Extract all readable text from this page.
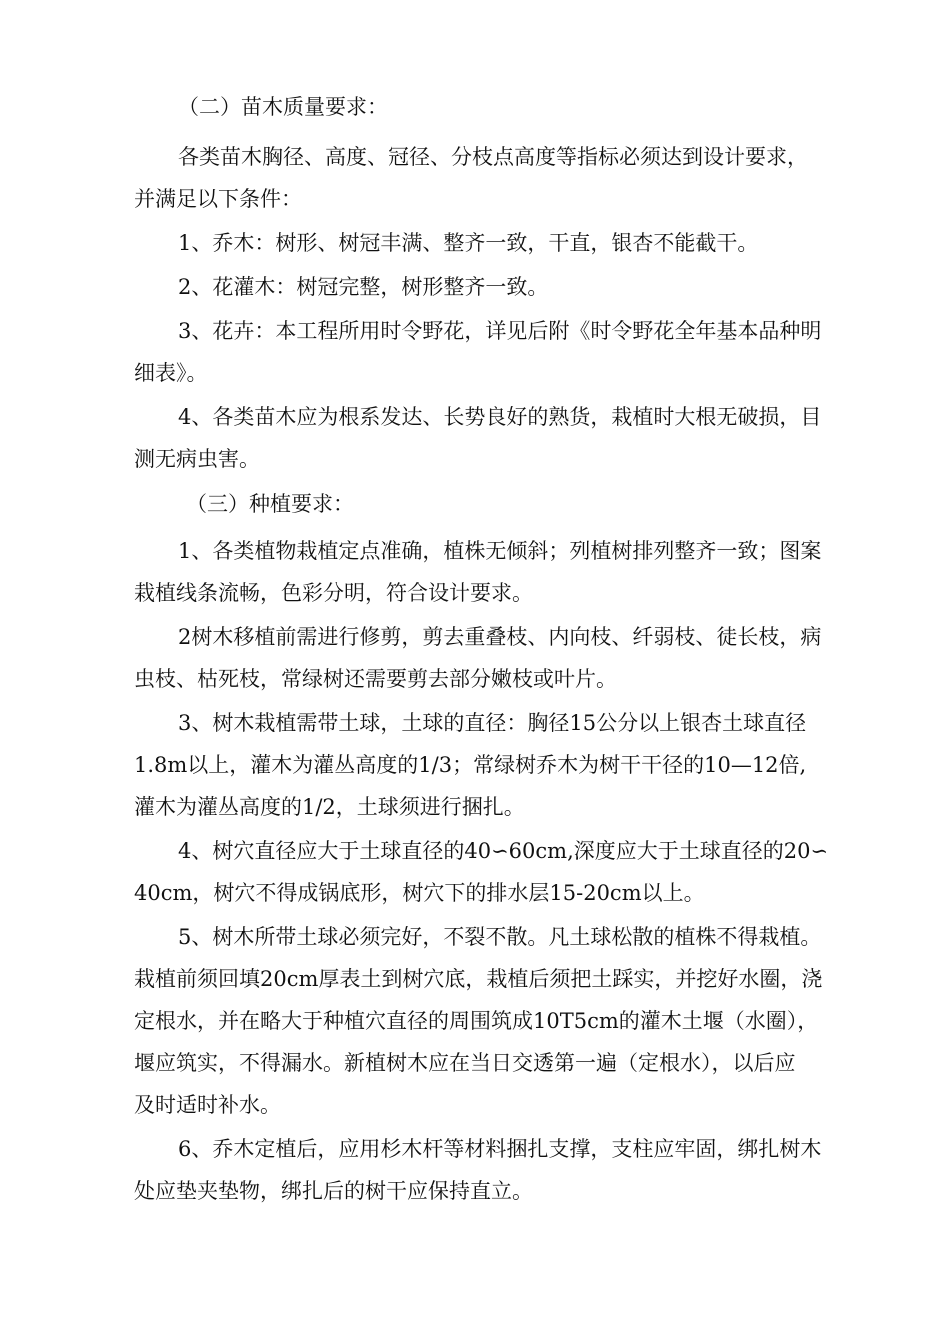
（二）苗木质量要求：

各类苗木胸径、高度、冠径、分枝点高度等指标必须达到设计要求，

并满足以下条件：

1、乔木：树形、树冠丰满、整齐一致，干直，银杏不能截干。

2、花灌木：树冠完整，树形整齐一致。

3、花卉：本工程所用时令野花，详见后附《时令野花全年基本品种明

细表》。

4、各类苗木应为根系发达、长势良好的熟货，栽植时大根无破损，目

测无病虫害。

（三）种植要求：

1、各类植物栽植定点准确，植株无倾斜；列植树排列整齐一致；图案

栽植线条流畅，色彩分明，符合设计要求。

2树木移植前需进行修剪，剪去重叠枝、内向枝、纤弱枝、徒长枝，病

虫枝、枯死枝，常绿树还需要剪去部分嫩枝或叶片。

3、树木栽植需带土球，土球的直径：胸径15公分以上银杏土球直径

1.8m以上，灌木为灌丛高度的1/3；常绿树乔木为树干干径的10—12倍,

灌木为灌丛高度的1/2，土球须进行捆扎。

4、树穴直径应大于土球直径的40∽60cm,深度应大于土球直径的20∽

40cm，树穴不得成锅底形，树穴下的排水层15-20cm以上。

5、树木所带土球必须完好，不裂不散。凡土球松散的植株不得栽植。

栽植前须回填20cm厚表土到树穴底，栽植后须把土踩实，并挖好水圈，浇

定根水，并在略大于种植穴直径的周围筑成10T5cm的灌木土堰（水圈），

堰应筑实，不得漏水。新植树木应在当日交透第一遍（定根水），以后应

及时适时补水。

6、乔木定植后，应用杉木杆等材料捆扎支撑，支柱应牢固，绑扎树木

处应垫夹垫物，绑扎后的树干应保持直立。
